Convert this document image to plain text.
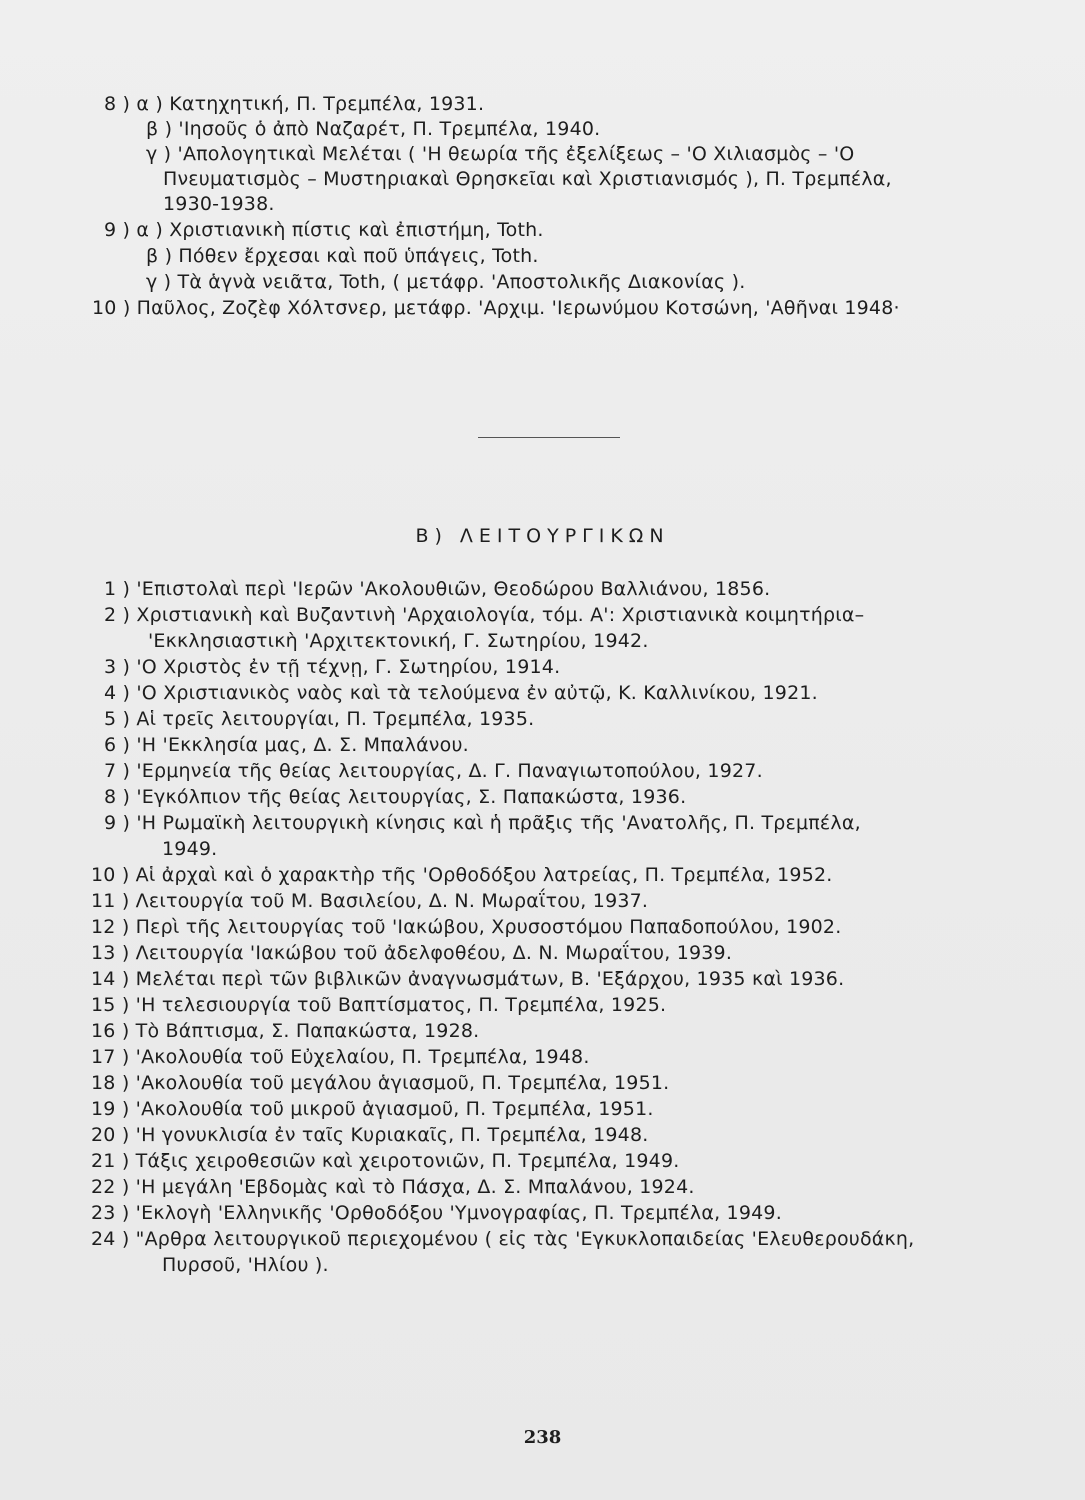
8 ) α ) Κατηχητική, Π. Τρεμπέλα, 1931.
β ) 'Ιησοῦς ὁ ἀπὸ Ναζαρέτ, Π. Τρεμπέλα, 1940.
γ ) 'Απολογητικαὶ Μελέται ( 'Η θεωρία τῆς ἐξελίξεως – 'Ο Χιλιασμὸς – 'Ο
Πνευματισμὸς – Μυστηριακαὶ Θρησκεῖαι καὶ Χριστιανισμός ), Π. Τρεμπέλα,
1930-1938.
9 ) α ) Χριστιανικὴ πίστις καὶ ἐπιστήμη, Toth.
β ) Πόθεν ἔρχεσαι καὶ ποῦ ὑπάγεις, Toth.
γ ) Τὰ ἁγνὰ νειᾶτα, Toth, ( μετάφρ. 'Αποστολικῆς Διακονίας ).
10 ) Παῦλος, Ζοζὲφ Χόλτσνερ, μετάφρ. 'Αρχιμ. 'Ιερωνύμου Κοτσώνη, 'Αθῆναι 1948·
Β) ΛΕΙΤΟΥΡΓΙΚΩΝ
1 ) 'Επιστολαὶ περὶ 'Ιερῶν 'Ακολουθιῶν, Θεοδώρου Βαλλιάνου, 1856.
2 ) Χριστιανικὴ καὶ Βυζαντινὴ 'Αρχαιολογία, τόμ. Α': Χριστιανικὰ κοιμητήρια–
'Εκκλησιαστικὴ 'Αρχιτεκτονική, Γ. Σωτηρίου, 1942.
3 ) 'Ο Χριστὸς ἐν τῇ τέχνῃ, Γ. Σωτηρίου, 1914.
4 ) 'Ο Χριστιανικὸς ναὸς καὶ τὰ τελούμενα ἐν αὐτῷ, Κ. Καλλινίκου, 1921.
5 ) Αἱ τρεῖς λειτουργίαι, Π. Τρεμπέλα, 1935.
6 ) 'Η 'Εκκλησία μας, Δ. Σ. Μπαλάνου.
7 ) 'Ερμηνεία τῆς θείας λειτουργίας, Δ. Γ. Παναγιωτοπούλου, 1927.
8 ) 'Εγκόλπιον τῆς θείας λειτουργίας, Σ. Παπακώστα, 1936.
9 ) 'Η Ρωμαϊκὴ λειτουργικὴ κίνησις καὶ ἡ πρᾶξις τῆς 'Ανατολῆς, Π. Τρεμπέλα,
1949.
10 ) Αἱ ἀρχαὶ καὶ ὁ χαρακτὴρ τῆς 'Ορθοδόξου λατρείας, Π. Τρεμπέλα, 1952.
11 ) Λειτουργία τοῦ Μ. Βασιλείου, Δ. Ν. Μωραΐτου, 1937.
12 ) Περὶ τῆς λειτουργίας τοῦ 'Ιακώβου, Χρυσοστόμου Παπαδοπούλου, 1902.
13 ) Λειτουργία 'Ιακώβου τοῦ ἀδελφοθέου, Δ. Ν. Μωραΐτου, 1939.
14 ) Μελέται περὶ τῶν βιβλικῶν ἀναγνωσμάτων, Β. 'Εξάρχου, 1935 καὶ 1936.
15 ) 'Η τελεσιουργία τοῦ Βαπτίσματος, Π. Τρεμπέλα, 1925.
16 ) Τὸ Βάπτισμα, Σ. Παπακώστα, 1928.
17 ) 'Ακολουθία τοῦ Εὐχελαίου, Π. Τρεμπέλα, 1948.
18 ) 'Ακολουθία τοῦ μεγάλου ἁγιασμοῦ, Π. Τρεμπέλα, 1951.
19 ) 'Ακολουθία τοῦ μικροῦ ἁγιασμοῦ, Π. Τρεμπέλα, 1951.
20 ) 'Η γονυκλισία ἐν ταῖς Κυριακαῖς, Π. Τρεμπέλα, 1948.
21 ) Τάξις χειροθεσιῶν καὶ χειροτονιῶν, Π. Τρεμπέλα, 1949.
22 ) 'Η μεγάλη 'Εβδομὰς καὶ τὸ Πάσχα, Δ. Σ. Μπαλάνου, 1924.
23 ) 'Εκλογὴ 'Ελληνικῆς 'Ορθοδόξου 'Υμνογραφίας, Π. Τρεμπέλα, 1949.
24 ) "Αρθρα λειτουργικοῦ περιεχομένου ( εἰς τὰς 'Εγκυκλοπαιδείας 'Ελευθερουδάκη,
Πυρσοῦ, 'Ηλίου ).
238
